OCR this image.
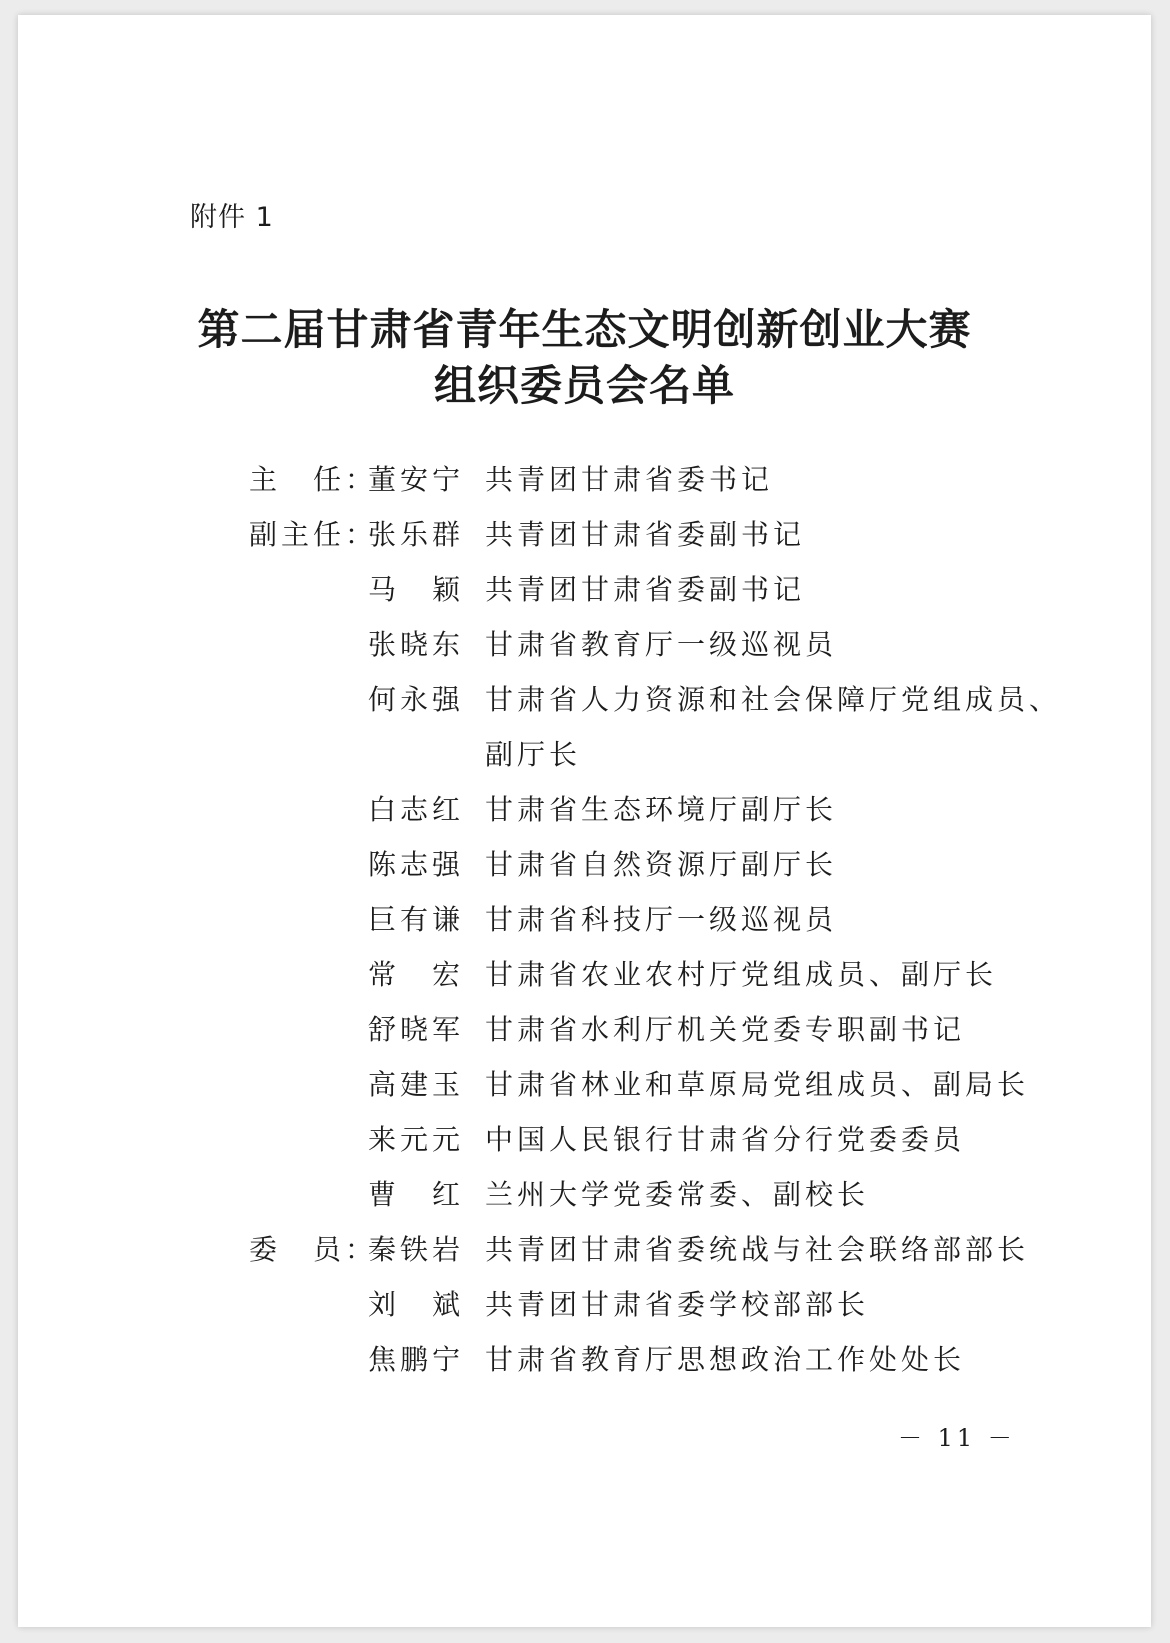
附件 1
第二届甘肃省青年生态文明创新创业大赛
组织委员会名单
主　任：
董安宁 共青团甘肃省委书记
副主任：
张乐群 共青团甘肃省委副书记
马　颖 共青团甘肃省委副书记
张晓东 甘肃省教育厅一级巡视员
何永强 甘肃省人力资源和社会保障厅党组成员、
副厅长
白志红 甘肃省生态环境厅副厅长
陈志强 甘肃省自然资源厅副厅长
巨有谦 甘肃省科技厅一级巡视员
常　宏 甘肃省农业农村厅党组成员、副厅长
舒晓军 甘肃省水利厅机关党委专职副书记
高建玉 甘肃省林业和草原局党组成员、副局长
来元元 中国人民银行甘肃省分行党委委员
曹　红 兰州大学党委常委、副校长
委　员：
秦铁岩 共青团甘肃省委统战与社会联络部部长
刘　斌 共青团甘肃省委学校部部长
焦鹏宁 甘肃省教育厅思想政治工作处处长
－ 11 －
